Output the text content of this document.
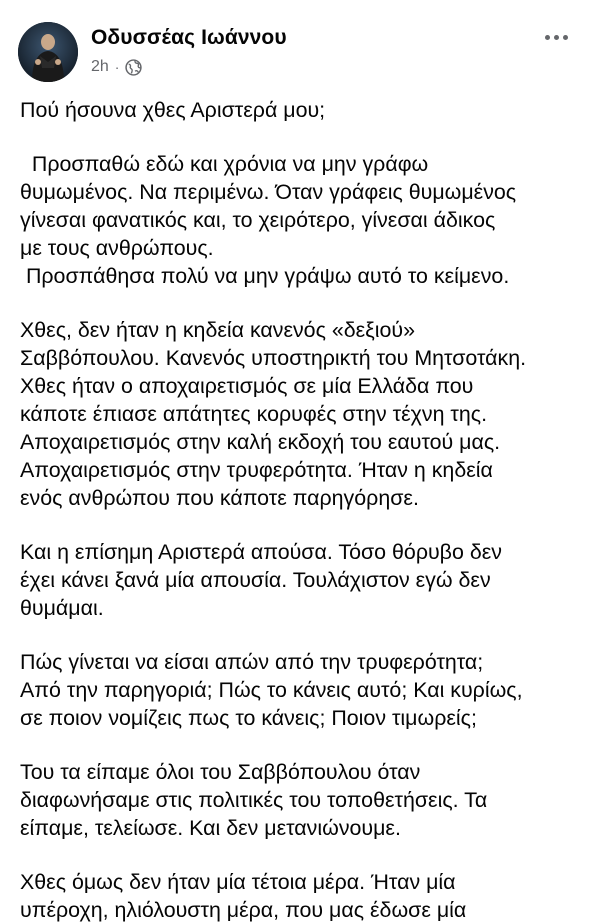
Οδυσσέας Ιωάννου
2h ·
Πού ήσουνα χθες Αριστερά μου;
Προσπαθώ εδώ και χρόνια να μην γράφω
θυμωμένος. Να περιμένω. Όταν γράφεις θυμωμένος
γίνεσαι φανατικός και, το χειρότερο, γίνεσαι άδικος
με τους ανθρώπους.
Προσπάθησα πολύ να μην γράψω αυτό το κείμενο.
Χθες, δεν ήταν η κηδεία κανενός «δεξιού»
Σαββόπουλου. Κανενός υποστηρικτή του Μητσοτάκη.
Χθες ήταν ο αποχαιρετισμός σε μία Ελλάδα που
κάποτε έπιασε απάτητες κορυφές στην τέχνη της.
Αποχαιρετισμός στην καλή εκδοχή του εαυτού μας.
Αποχαιρετισμός στην τρυφερότητα. Ήταν η κηδεία
ενός ανθρώπου που κάποτε παρηγόρησε.
Και η επίσημη Αριστερά απούσα. Τόσο θόρυβο δεν
έχει κάνει ξανά μία απουσία. Τουλάχιστον εγώ δεν
θυμάμαι.
Πώς γίνεται να είσαι απών από την τρυφερότητα;
Από την παρηγοριά; Πώς το κάνεις αυτό; Και κυρίως,
σε ποιον νομίζεις πως το κάνεις; Ποιον τιμωρείς;
Του τα είπαμε όλοι του Σαββόπουλου όταν
διαφωνήσαμε στις πολιτικές του τοποθετήσεις. Τα
είπαμε, τελείωσε. Και δεν μετανιώνουμε.
Χθες όμως δεν ήταν μία τέτοια μέρα. Ήταν μία
υπέροχη, ηλιόλουστη μέρα, που μας έδωσε μία
